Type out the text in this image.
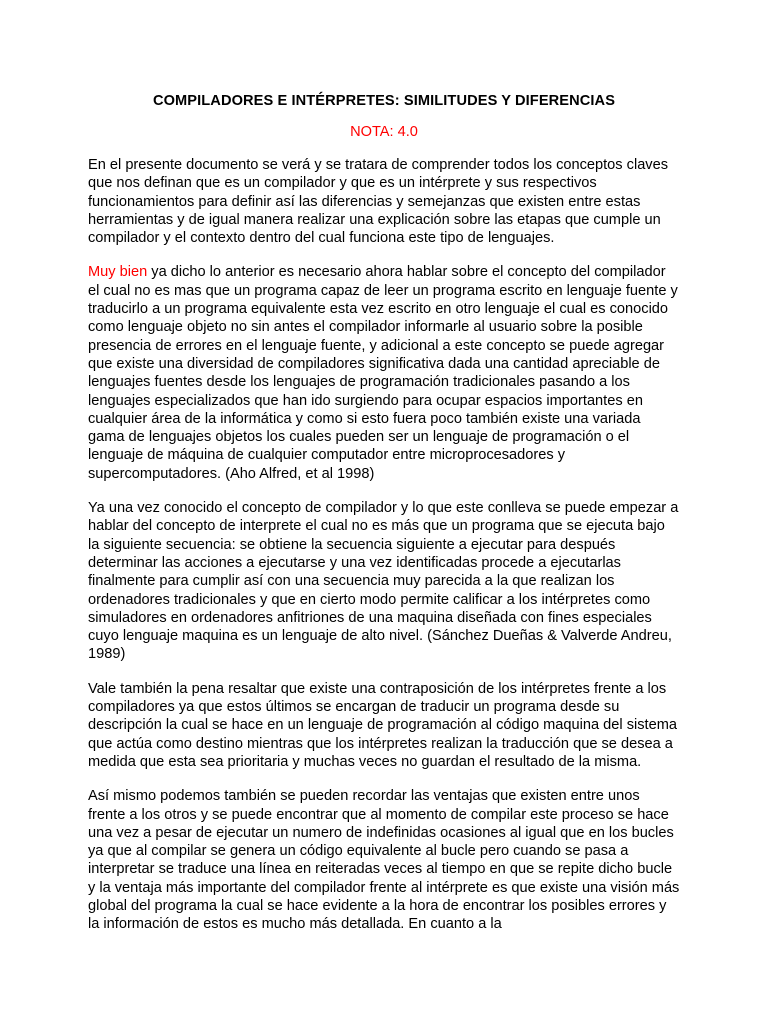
COMPILADORES E INTÉRPRETES: SIMILITUDES Y DIFERENCIAS

NOTA: 4.0

En el presente documento se verá y se tratara de comprender todos los conceptos claves que nos definan que es un compilador y que es un intérprete y sus respectivos funcionamientos para definir así las diferencias y semejanzas que existen entre estas herramientas y de igual manera realizar una explicación sobre las etapas que cumple un compilador y el contexto dentro del cual funciona este tipo de lenguajes.

Muy bien ya dicho lo anterior es necesario ahora hablar sobre el concepto del compilador el cual no es mas que un programa capaz de leer un programa escrito en lenguaje fuente y traducirlo a un programa equivalente esta vez escrito en otro lenguaje el cual es conocido como lenguaje objeto no sin antes el compilador informarle al usuario sobre la posible presencia de errores en el lenguaje fuente, y adicional a este concepto se puede agregar que existe una diversidad de compiladores significativa dada una cantidad apreciable de lenguajes fuentes desde los lenguajes de programación tradicionales pasando a los lenguajes especializados que han ido surgiendo para ocupar espacios importantes en cualquier área de la informática y como si esto fuera poco también existe una variada gama de lenguajes objetos los cuales pueden ser un lenguaje de programación o el lenguaje de máquina de cualquier computador entre microprocesadores y supercomputadores. (Aho Alfred, et al 1998)

Ya una vez conocido el concepto de compilador y lo que este conlleva se puede empezar a hablar del concepto de interprete el cual no es más que un programa que se ejecuta bajo la siguiente secuencia: se obtiene la secuencia siguiente a ejecutar para después determinar las acciones a ejecutarse y una vez identificadas procede a ejecutarlas finalmente para cumplir así con una secuencia muy parecida a la que realizan los ordenadores tradicionales y que en cierto modo permite calificar a los intérpretes como simuladores en ordenadores anfitriones de una maquina diseñada con fines especiales cuyo lenguaje maquina es un lenguaje de alto nivel. (Sánchez Dueñas & Valverde Andreu, 1989)

Vale también la pena resaltar que existe una contraposición de los intérpretes frente a los compiladores ya que estos últimos se encargan de traducir un programa desde su descripción la cual se hace en un lenguaje de programación al código maquina del sistema que actúa como destino mientras que los intérpretes realizan la traducción que se desea a medida que esta sea prioritaria y muchas veces no guardan el resultado de la misma.

Así mismo podemos también se pueden recordar las ventajas que existen entre unos frente a los otros y se puede encontrar que al momento de compilar este proceso se hace una vez a pesar de ejecutar un numero de indefinidas ocasiones al igual que en los bucles ya que al compilar se genera un código equivalente al bucle pero cuando se pasa a interpretar se traduce una línea en reiteradas veces al tiempo en que se repite dicho bucle y la ventaja más importante del compilador frente al intérprete es que existe una visión más global del programa la cual se hace evidente a la hora de encontrar los posibles errores y la información de estos es mucho más detallada. En cuanto a la
